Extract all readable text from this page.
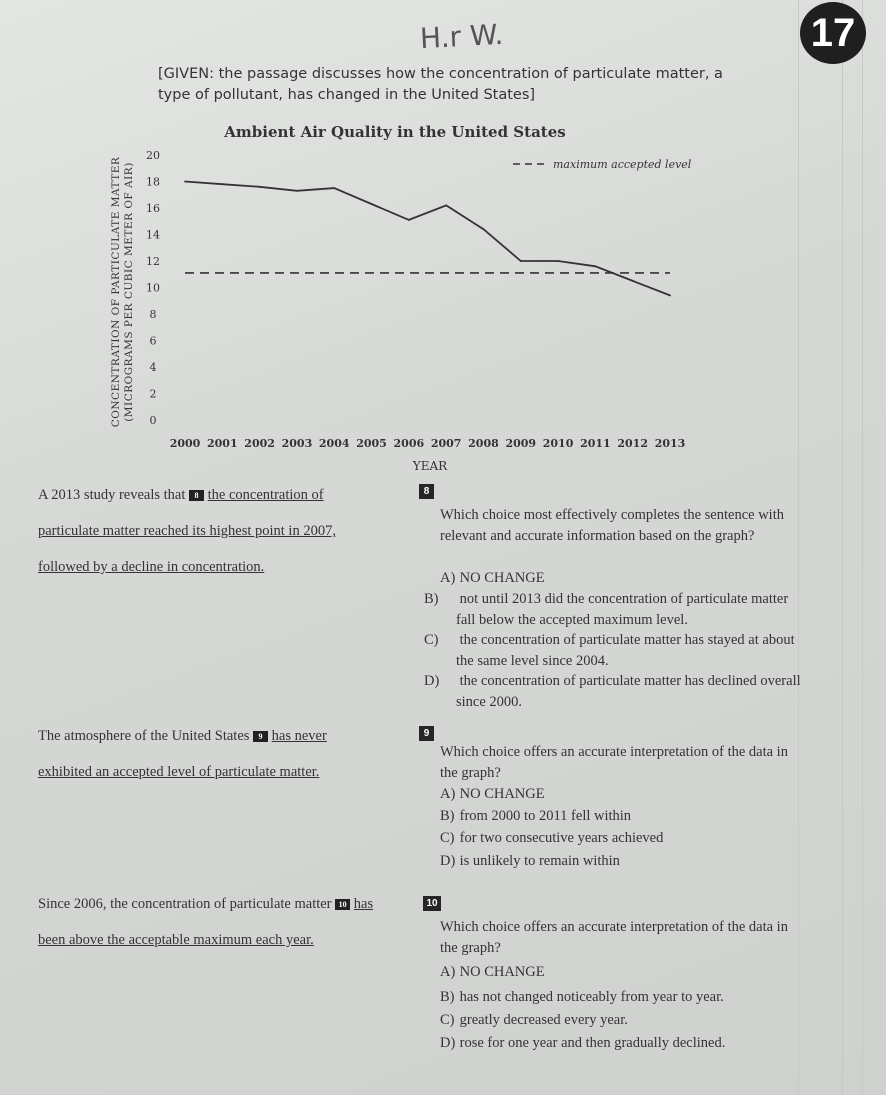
H.r W.	17
[GIVEN: the passage discusses how the concentration of particulate matter, a type of pollutant, has changed in the United States]
Ambient Air Quality in the United States
0
2
4
6
8
10
12
14
16
18
20
2000 2001 2002 2003 2004 2005 2006 2007 2008 2009 2010 2011 2012 2013
CONCENTRATION OF PARTICULATE MATTER (MICROGRAMS PER CUBIC METER OF AIR)
YEAR
maximum accepted level
A 2013 study reveals that 8 the concentration of particulate matter reached its highest point in 2007, followed by a decline in concentration.
8
Which choice most effectively completes the sentence with relevant and accurate information based on the graph?
A) NO CHANGE
B) not until 2013 did the concentration of particulate matter fall below the accepted maximum level.
C) the concentration of particulate matter has stayed at about the same level since 2004.
D) the concentration of particulate matter has declined overall since 2000.
The atmosphere of the United States 9 has never exhibited an accepted level of particulate matter.
9
Which choice offers an accurate interpretation of the data in the graph?
A) NO CHANGE
B) from 2000 to 2011 fell within
C) for two consecutive years achieved
D) is unlikely to remain within
Since 2006, the concentration of particulate matter 10 has been above the acceptable maximum each year.
10
Which choice offers an accurate interpretation of the data in the graph?
A) NO CHANGE
B) has not changed noticeably from year to year.
C) greatly decreased every year.
D) rose for one year and then gradually declined.
